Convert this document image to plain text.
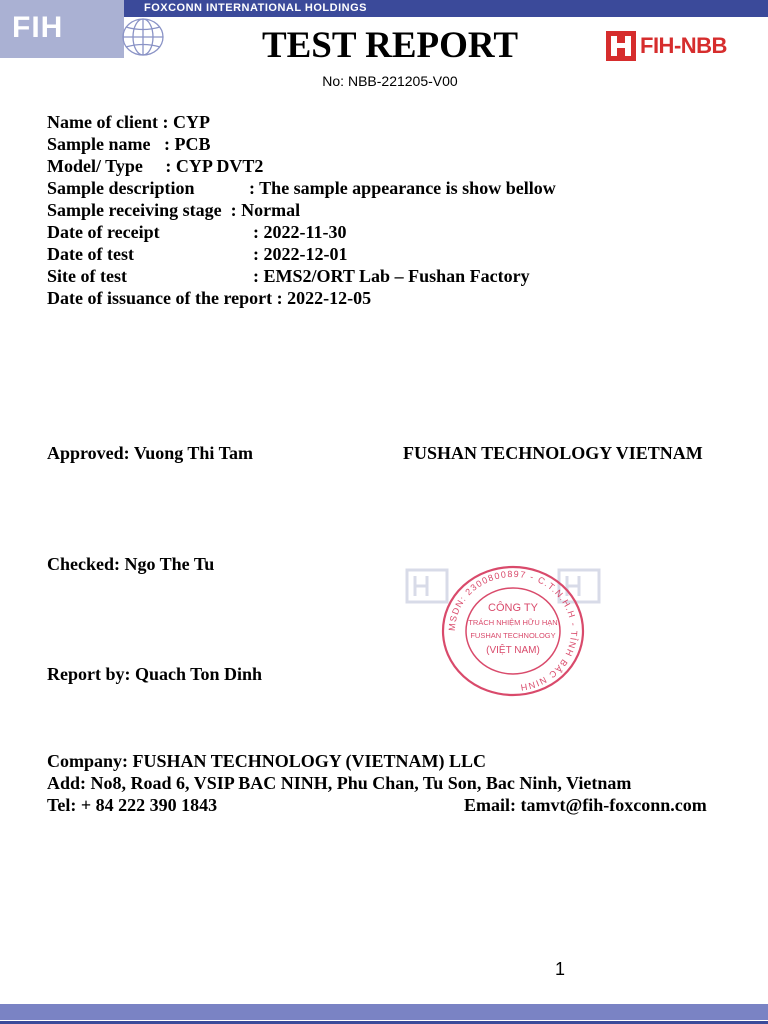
FOXCONN INTERNATIONAL HOLDINGS
FIH	TEST REPORT
No: NBB-221205-V00
FIH-NBB
Name of client : CYP
Sample name   : PCB
Model/ Type     : CYP DVT2
Sample description	: The sample appearance is show bellow
Sample receiving stage  : Normal
Date of receipt	: 2022-11-30
Date of test	: 2022-12-01
Site of test	: EMS2/ORT Lab – Fushan Factory
Date of issuance of the report : 2022-12-05
Approved: Vuong Thi Tam	FUSHAN TECHNOLOGY VIETNAM
Checked: Ngo The Tu
Report by: Quach Ton Dinh
MSDN: 2300800897 - C.T.N.H.H - TỈNH BẮC NINH
CÔNG TY
TRÁCH NHIỆM HỮU HẠN
FUSHAN TECHNOLOGY
(VIỆT NAM)
Company: FUSHAN TECHNOLOGY (VIETNAM) LLC
Add: No8, Road 6, VSIP BAC NINH, Phu Chan, Tu Son, Bac Ninh, Vietnam
Tel: + 84 222 390 1843	Email: tamvt@fih-foxconn.com
1
